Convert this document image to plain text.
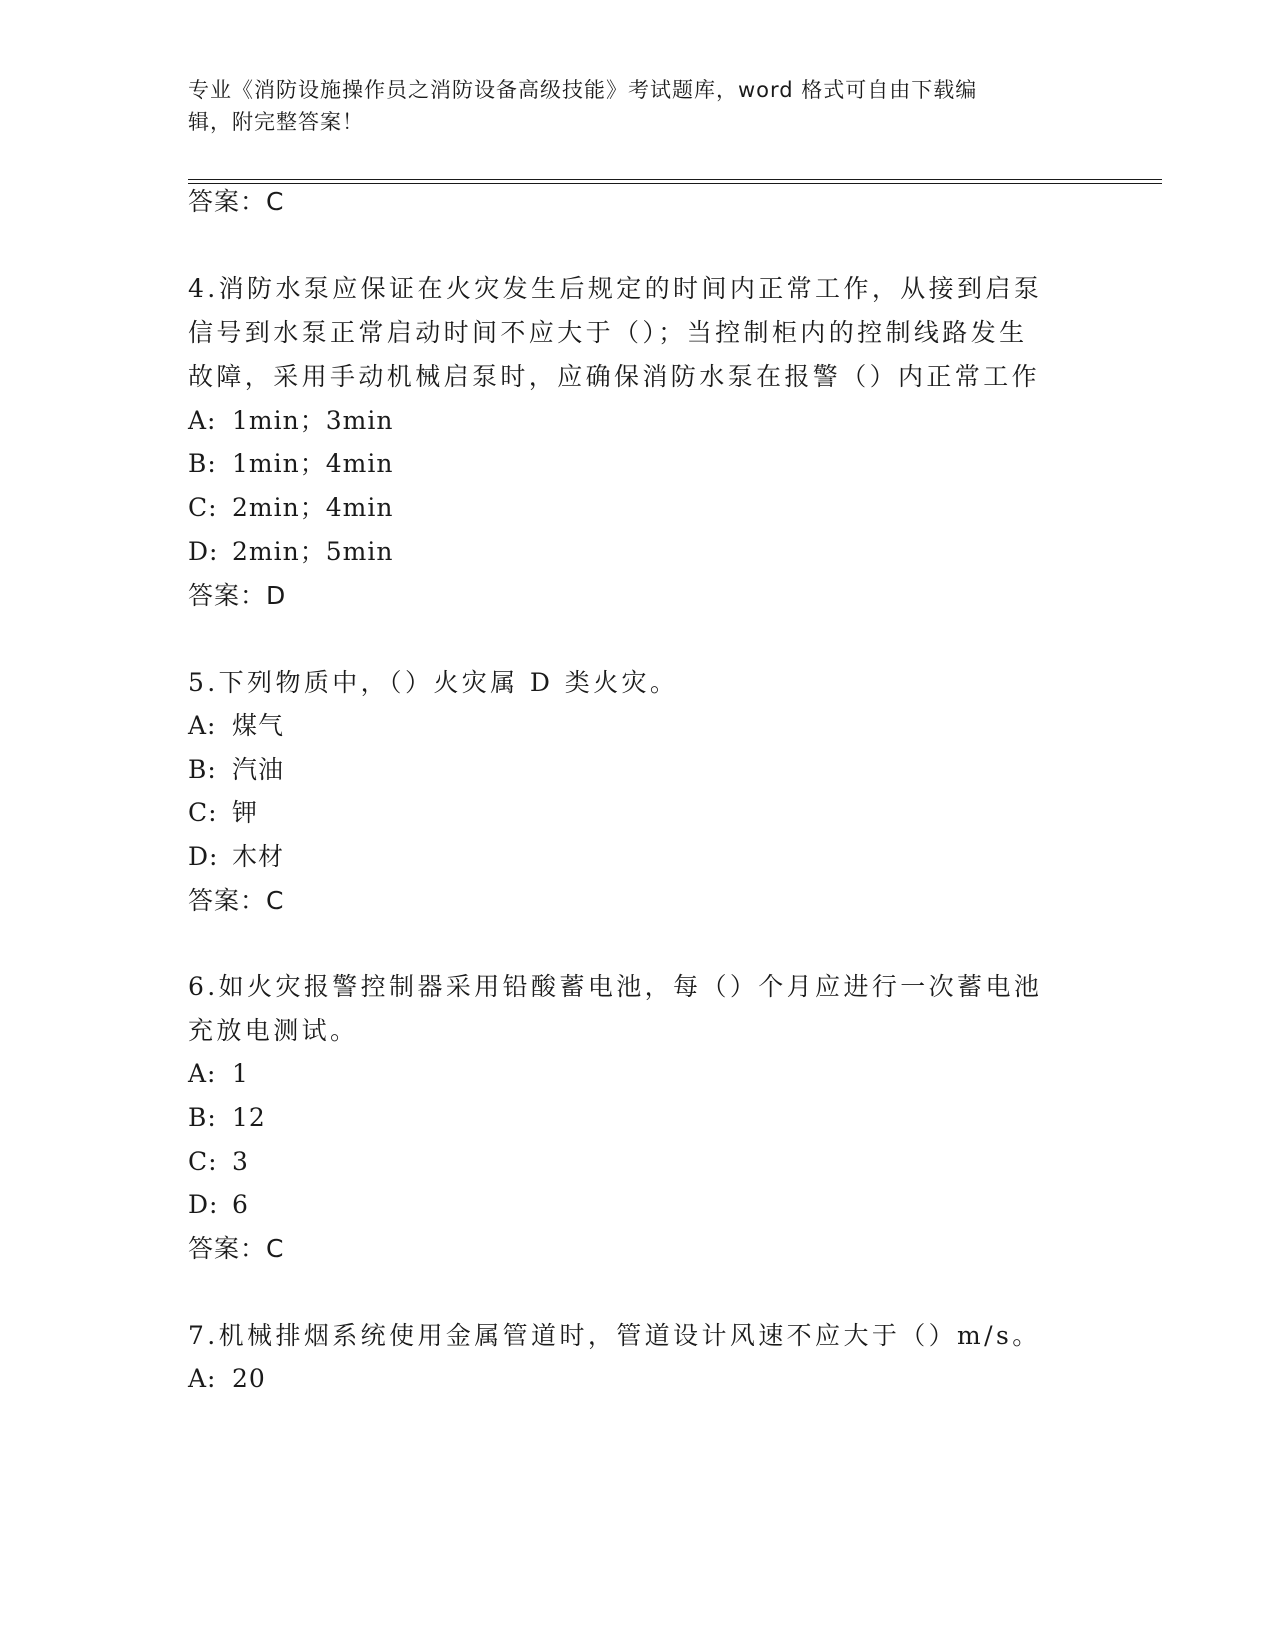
专业《消防设施操作员之消防设备高级技能》考试题库，word 格式可自由下载编
辑，附完整答案！
答案：C
4.消防水泵应保证在火灾发生后规定的时间内正常工作，从接到启泵
信号到水泵正常启动时间不应大于（）；当控制柜内的控制线路发生
故障，采用手动机械启泵时，应确保消防水泵在报警（）内正常工作
A: 1min；3min
B: 1min；4min
C: 2min；4min
D: 2min；5min
答案：D
5.下列物质中，（）火灾属 D 类火灾。
A: 煤气
B: 汽油
C: 钾
D: 木材
答案：C
6.如火灾报警控制器采用铅酸蓄电池，每（）个月应进行一次蓄电池
充放电测试。
A: 1
B: 12
C: 3
D: 6
答案：C
7.机械排烟系统使用金属管道时，管道设计风速不应大于（）m/s。
A: 20
